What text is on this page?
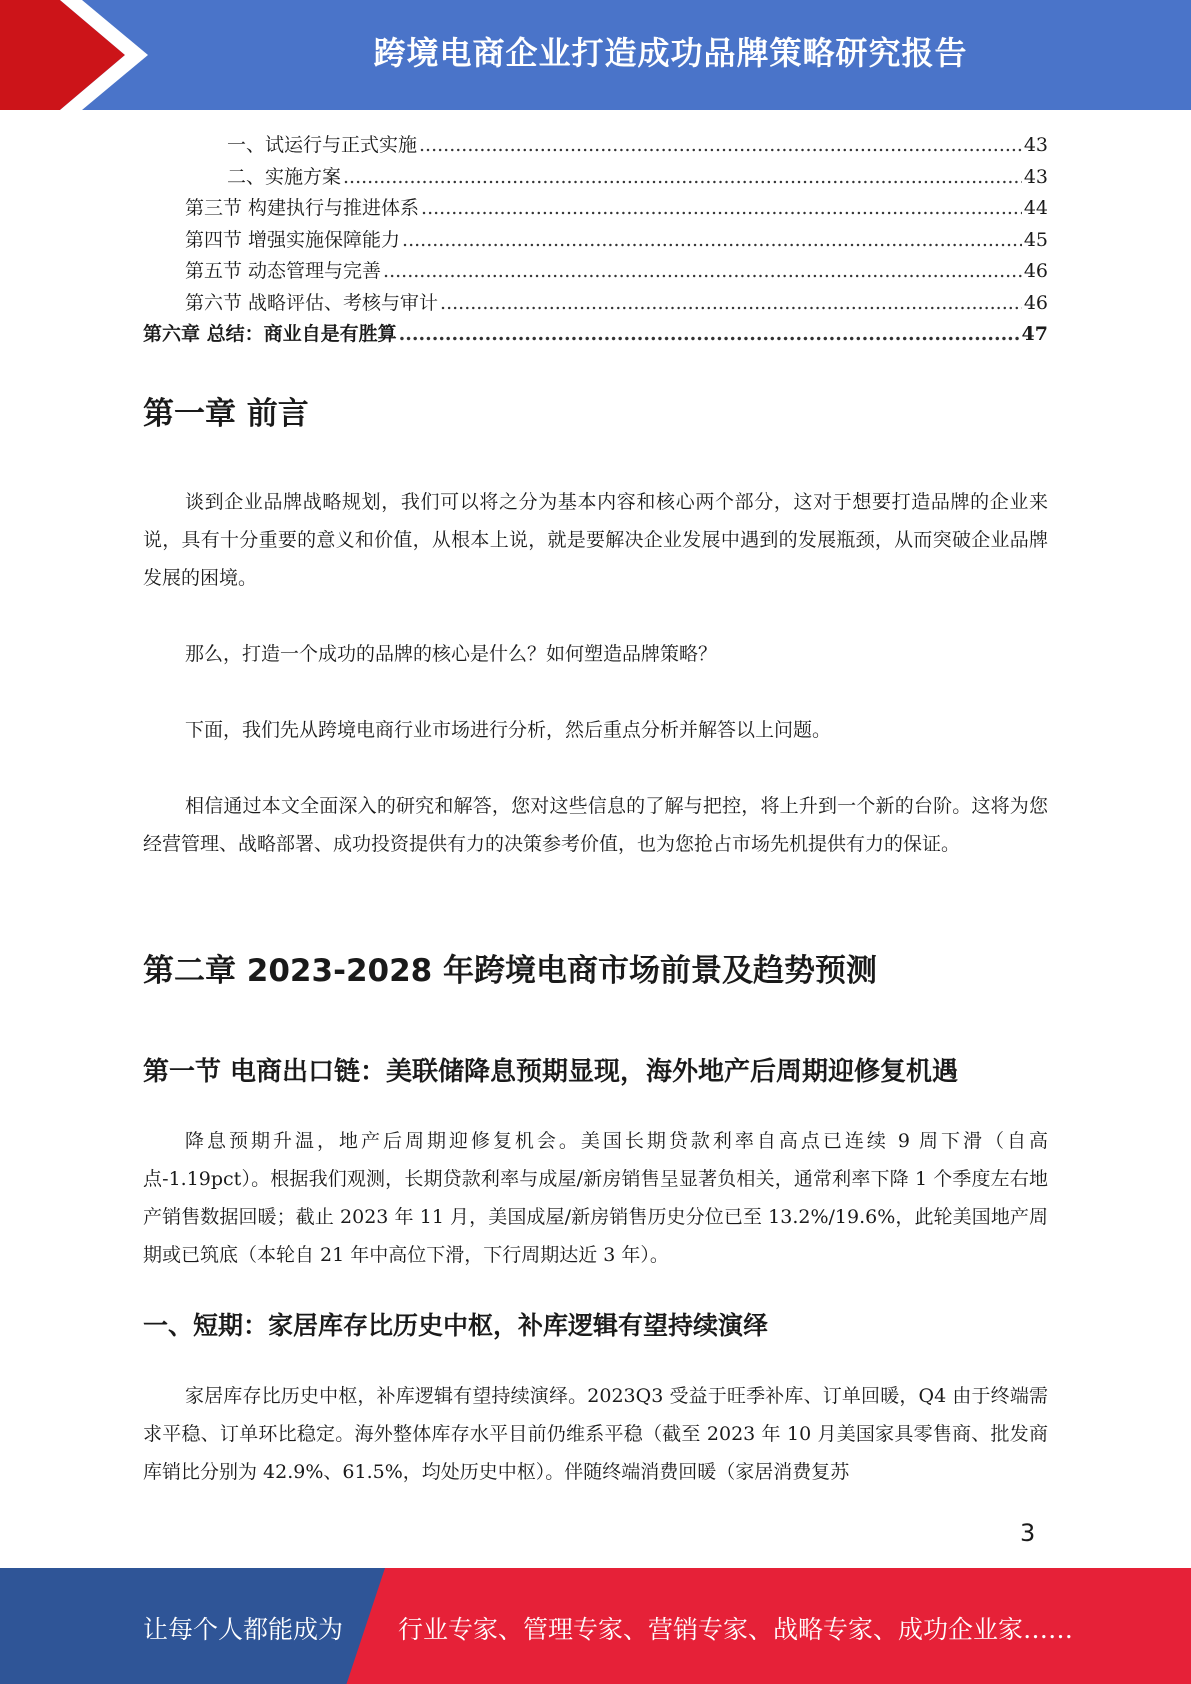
跨境电商企业打造成功品牌策略研究报告
一、试运行与正式实施 .....	43
二、实施方案 .....	43
第三节 构建执行与推进体系 .....	44
第四节 增强实施保障能力 .....	45
第五节 动态管理与完善 .....	46
第六节 战略评估、考核与审计 .....	46
第六章 总结：商业自是有胜算 .....	47
第一章 前言

谈到企业品牌战略规划，我们可以将之分为基本内容和核心两个部分，这对于想要打造品牌的企业来说，具有十分重要的意义和价值，从根本上说，就是要解决企业发展中遇到的发展瓶颈，从而突破企业品牌发展的困境。

那么，打造一个成功的品牌的核心是什么？如何塑造品牌策略？

下面，我们先从跨境电商行业市场进行分析，然后重点分析并解答以上问题。

相信通过本文全面深入的研究和解答，您对这些信息的了解与把控，将上升到一个新的台阶。这将为您经营管理、战略部署、成功投资提供有力的决策参考价值，也为您抢占市场先机提供有力的保证。

第二章 2023-2028 年跨境电商市场前景及趋势预测
第一节 电商出口链：美联储降息预期显现，海外地产后周期迎修复机遇

降息预期升温，地产后周期迎修复机会。美国长期贷款利率自高点已连续 9 周下滑（自高点-1.19pct）。根据我们观测，长期贷款利率与成屋/新房销售呈显著负相关，通常利率下降 1 个季度左右地产销售数据回暖；截止 2023 年 11 月，美国成屋/新房销售历史分位已至 13.2%/19.6%，此轮美国地产周期或已筑底（本轮自 21 年中高位下滑，下行周期达近 3 年）。

一、短期：家居库存比历史中枢，补库逻辑有望持续演绎

家居库存比历史中枢，补库逻辑有望持续演绎。2023Q3 受益于旺季补库、订单回暖，Q4 由于终端需求平稳、订单环比稳定。海外整体库存水平目前仍维系平稳（截至 2023 年 10 月美国家具零售商、批发商库销比分别为 42.9%、61.5%，均处历史中枢）。伴随终端消费回暖（家居消费复苏

3
让每个人都能成为 行业专家、管理专家、营销专家、战略专家、成功企业家……
